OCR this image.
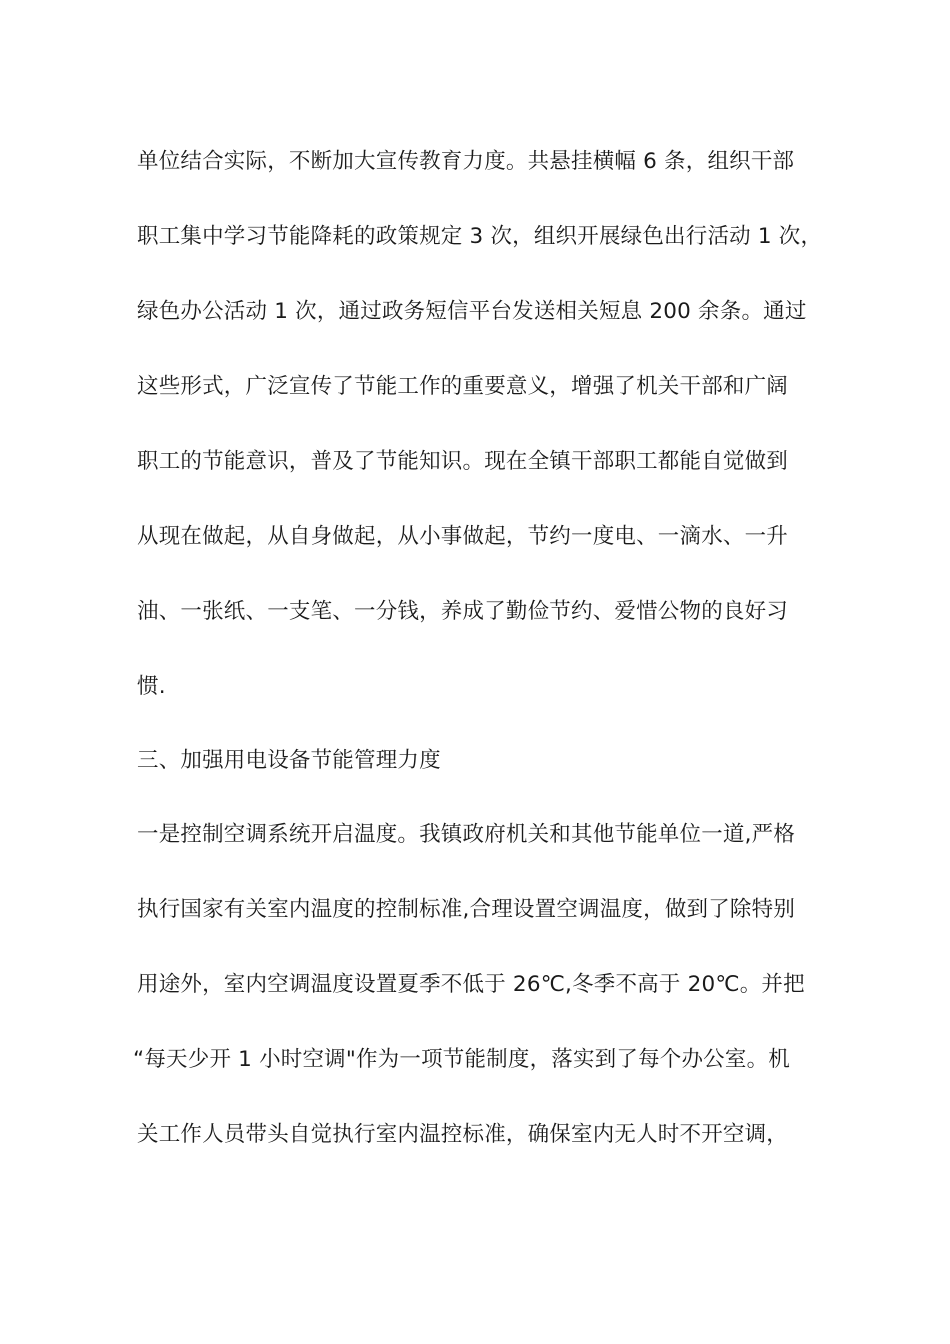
单位结合实际，不断加大宣传教育力度。共悬挂横幅 6 条，组织干部
职工集中学习节能降耗的政策规定 3 次，组织开展绿色出行活动 1 次，
绿色办公活动 1 次，通过政务短信平台发送相关短息 200 余条。通过
这些形式，广泛宣传了节能工作的重要意义，增强了机关干部和广阔
职工的节能意识，普及了节能知识。现在全镇干部职工都能自觉做到
从现在做起，从自身做起，从小事做起，节约一度电、一滴水、一升
油、一张纸、一支笔、一分钱，养成了勤俭节约、爱惜公物的良好习
惯.
三、加强用电设备节能管理力度
一是控制空调系统开启温度。我镇政府机关和其他节能单位一道,严格
执行国家有关室内温度的控制标准,合理设置空调温度，做到了除特别
用途外，室内空调温度设置夏季不低于 26℃,冬季不高于 20℃。并把
“每天少开 1 小时空调"作为一项节能制度，落实到了每个办公室。机
关工作人员带头自觉执行室内温控标准，确保室内无人时不开空调，
